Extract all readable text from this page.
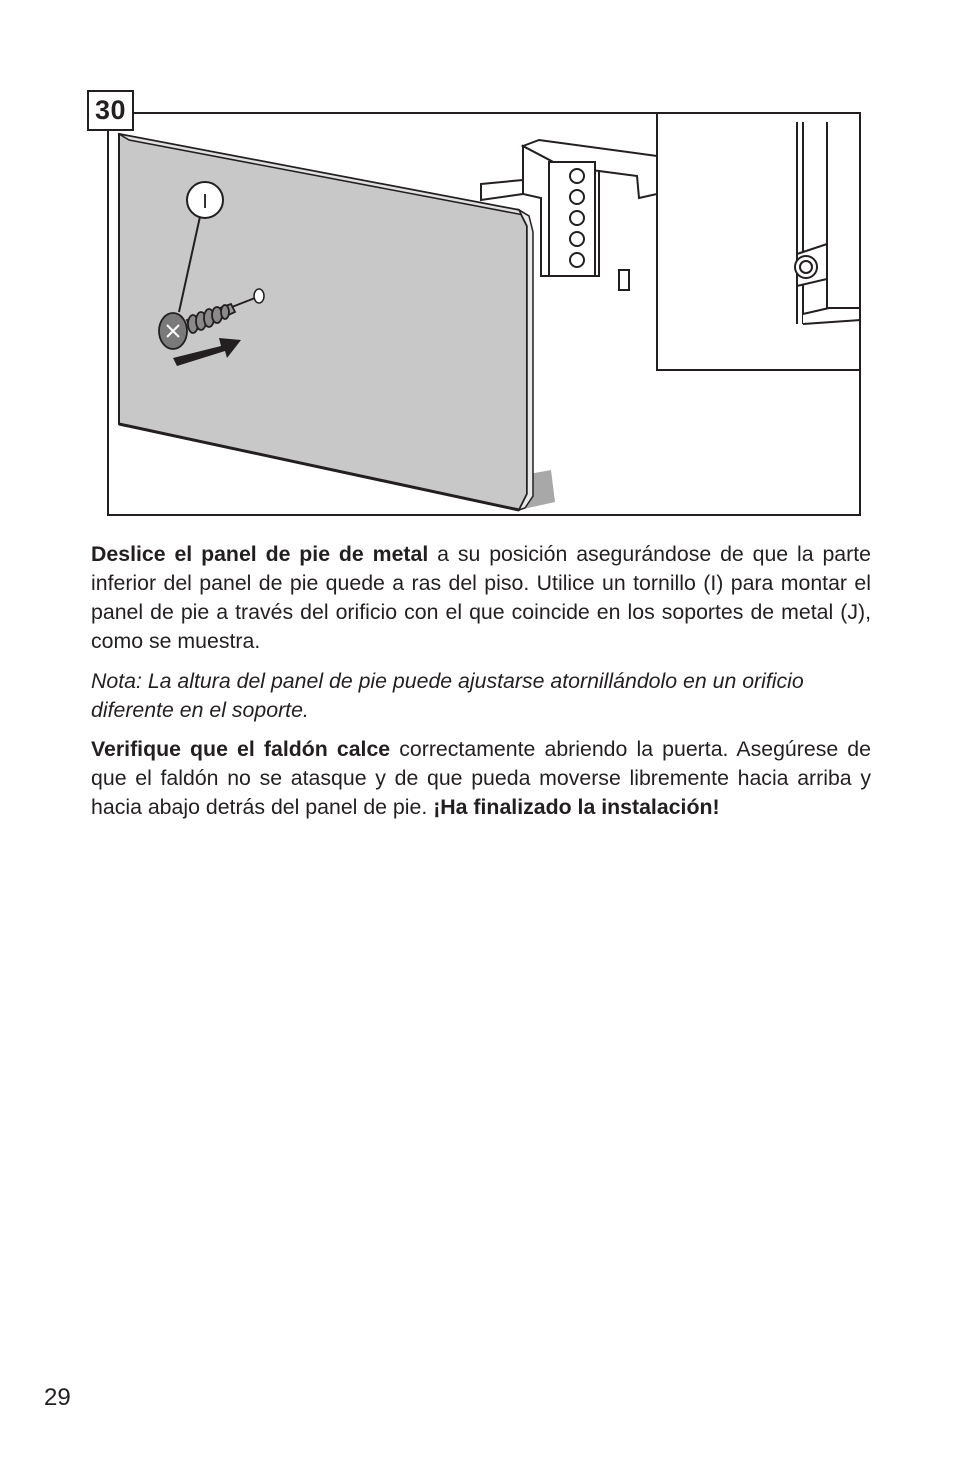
I
30

Deslice el panel de pie de metal a su posición asegurándose de que la parte inferior del panel de pie quede a ras del piso. Utilice un tornillo (I) para montar el panel de pie a través del orificio con el que coincide en los soportes de metal (J), como se muestra.

Nota: La altura del panel de pie puede ajustarse atornillándolo en un orificio diferente en el soporte.

Verifique que el faldón calce correctamente abriendo la puerta. Asegúrese de que el faldón no se atasque y de que pueda moverse libremente hacia arriba y hacia abajo detrás del panel de pie. ¡Ha finalizado la instalación!

29
